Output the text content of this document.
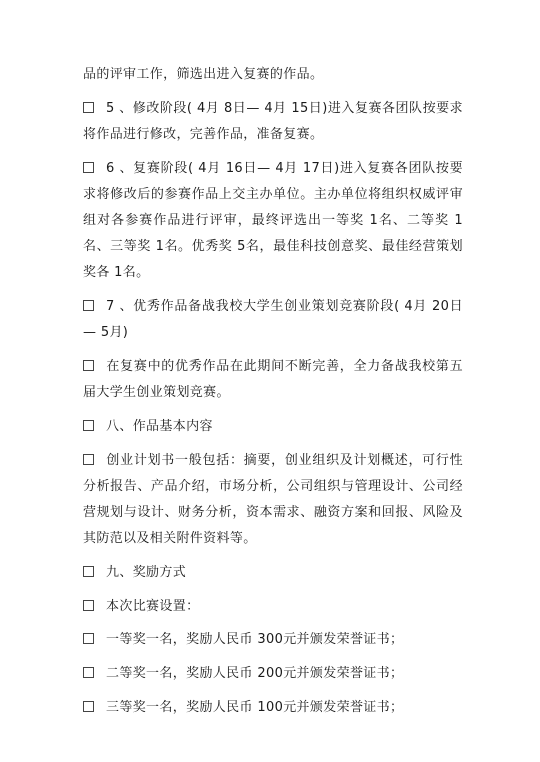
品的评审工作，筛选出进入复赛的作品。

5 、修改阶段( 4月 8日— 4月 15日)进入复赛各团队按要求将作品进行修改，完善作品，准备复赛。

6 、复赛阶段( 4月 16日— 4月 17日)进入复赛各团队按要求将修改后的参赛作品上交主办单位。主办单位将组织权威评审组对各参赛作品进行评审，最终评选出一等奖 1名、二等奖 1名、三等奖 1名。优秀奖 5名，最佳科技创意奖、最佳经营策划奖各 1名。

7 、优秀作品备战我校大学生创业策划竞赛阶段( 4月 20日— 5月)

在复赛中的优秀作品在此期间不断完善，全力备战我校第五届大学生创业策划竞赛。

八、作品基本内容

创业计划书一般包括：摘要，创业组织及计划概述，可行性分析报告、产品介绍，市场分析，公司组织与管理设计、公司经营规划与设计、财务分析，资本需求、融资方案和回报、风险及其防范以及相关附件资料等。

九、奖励方式

本次比赛设置：

一等奖一名，奖励人民币 300元并颁发荣誉证书；

二等奖一名，奖励人民币 200元并颁发荣誉证书；

三等奖一名，奖励人民币 100元并颁发荣誉证书；
